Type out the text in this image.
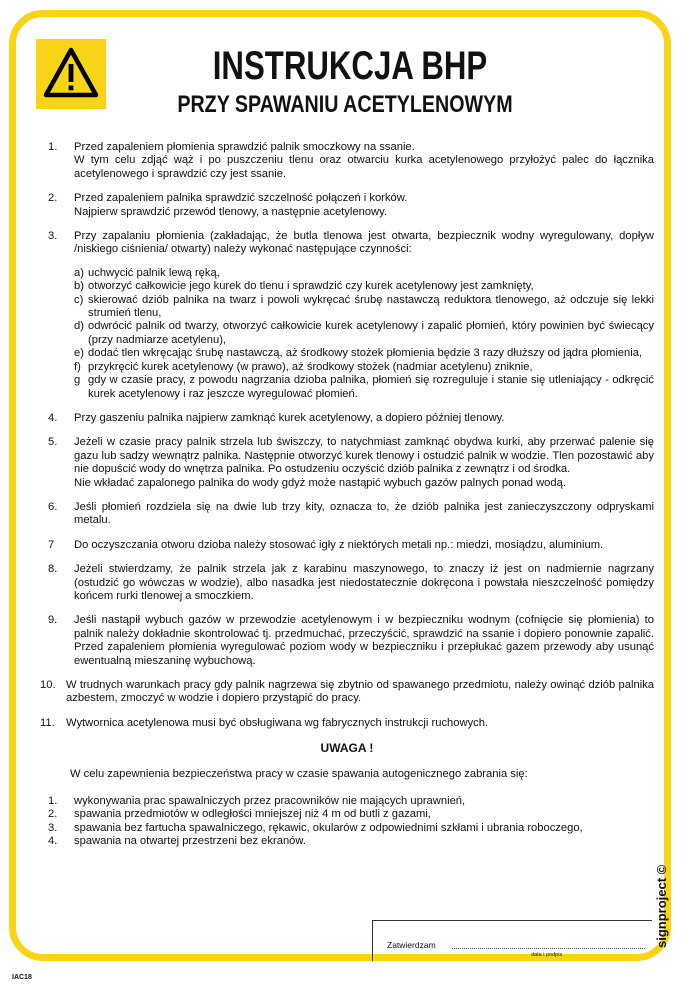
INSTRUKCJA BHP
PRZY SPAWANIU ACETYLENOWYM
1.	Przed zapaleniem płomienia sprawdzić palnik smoczkowy na ssanie.
W tym celu zdjąć wąż i po puszczeniu tlenu oraz otwarciu kurka acetylenowego przyłożyć palec do łącznika acetylenowego i sprawdzić czy jest ssanie.
2.	Przed zapaleniem palnika sprawdzić szczelność połączeń i korków.
Najpierw sprawdzić przewód tlenowy, a następnie acetylenowy.
3.	Przy zapalaniu płomienia (zakładając, że butla tlenowa jest otwarta, bezpiecznik wodny wyregulowany, dopływ /niskiego ciśnienia/ otwarty) należy wykonać następujące czynności:
a) uchwycić palnik lewą ręką,
b) otworzyć całkowicie jego kurek do tlenu i sprawdzić czy kurek acetylenowy jest zamknięty,
c) skierować dziób palnika na twarz i powoli wykręcać śrubę nastawczą reduktora tlenowego, aż odczuje się lekki strumień tlenu,
d) odwrócić palnik od twarzy, otworzyć całkowicie kurek acetylenowy i zapalić płomień, który powinien być świecący (przy nadmiarze acetylenu),
e) dodać tlen wkręcając śrubę nastawczą, aż środkowy stożek płomienia będzie 3 razy dłuższy od jądra płomienia,
f) przykręcić kurek acetylenowy (w prawo), aż środkowy stożek (nadmiar acetylenu) zniknie,
g gdy w czasie pracy, z powodu nagrzania dzioba palnika, płomień się rozreguluje i stanie się utleniający - odkręcić kurek acetylenowy i raz jeszcze wyregulować płomień.
4.	Przy gaszeniu palnika najpierw zamknąć kurek acetylenowy, a dopiero później tlenowy.
5.	Jeżeli w czasie pracy palnik strzela lub świszczy, to natychmiast zamknąć obydwa kurki, aby przerwać palenie się gazu lub sadzy wewnątrz palnika. Następnie otworzyć kurek tlenowy i ostudzić palnik w wodzie. Tlen pozostawić aby nie dopuścić wody do wnętrza palnika. Po ostudzeniu oczyścić dziób palnika z zewnątrz i od środka.
Nie wkładać zapalonego palnika do wody gdyż może nastąpić wybuch gazów palnych ponad wodą.
6.	Jeśli płomień rozdziela się na dwie lub trzy kity, oznacza to, że dziób palnika jest zanieczyszczony odpryskami metalu.
7	Do oczyszczania otworu dzioba należy stosować igły z niektórych metali np.: miedzi, mosiądzu, aluminium.
8.	Jeżeli stwierdzamy, że palnik strzela jak z karabinu maszynowego, to znaczy iż jest on nadmiernie nagrzany (ostudzić go wówczas w wodzie), albo nasadka jest niedostatecznie dokręcona i powstała nieszczelność pomiędzy końcem rurki tlenowej a smoczkiem.
9.	Jeśli nastąpił wybuch gazów w przewodzie acetylenowym i w bezpieczniku wodnym (cofnięcie się płomienia) to palnik należy dokładnie skontrolować tj. przedmuchać, przeczyścić, sprawdzić na ssanie i dopiero ponownie zapalić. Przed zapaleniem płomienia wyregulować poziom wody w bezpieczniku i przepłukać gazem przewody aby usunąć ewentualną mieszaninę wybuchową.
10. W trudnych warunkach pracy gdy palnik nagrzewa się zbytnio od spawanego przedmiotu, należy owinąć dziób palnika azbestem, zmoczyć w wodzie i dopiero przystąpić do pracy.
11.	Wytwornica acetylenowa musi być obsługiwana wg fabrycznych instrukcji ruchowych.
UWAGA !
W celu zapewnienia bezpieczeństwa pracy w czasie spawania autogenicznego zabrania się:
1.	wykonywania prac spawalniczych przez pracowników nie mających uprawnień,
2.	spawania przedmiotów w odległości mniejszej niż 4 m od butli z gazami,
3.	spawania bez fartucha spawalniczego, rękawic, okularów z odpowiednimi szkłami i ubrania roboczego,
4.	spawania na otwartej przestrzeni bez ekranów.
Zatwierdzam
data i podpis
signproject ©
IAC18
